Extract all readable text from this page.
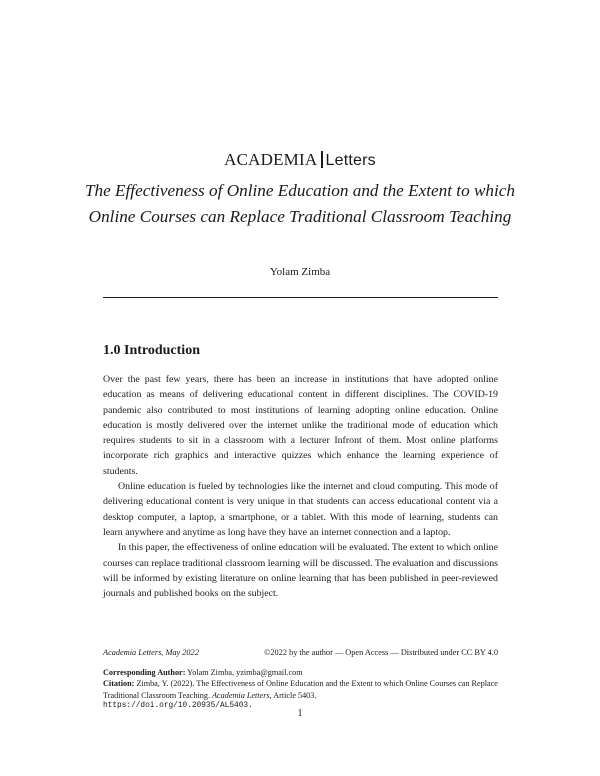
ACADEMIA Letters
The Effectiveness of Online Education and the Extent to which Online Courses can Replace Traditional Classroom Teaching
Yolam Zimba
1.0 Introduction

Over the past few years, there has been an increase in institutions that have adopted online education as means of delivering educational content in different disciplines. The COVID-19 pandemic also contributed to most institutions of learning adopting online education. Online education is mostly delivered over the internet unlike the traditional mode of education which requires students to sit in a classroom with a lecturer Infront of them. Most online platforms incorporate rich graphics and interactive quizzes which enhance the learning experience of students.

Online education is fueled by technologies like the internet and cloud computing. This mode of delivering educational content is very unique in that students can access educational content via a desktop computer, a laptop, a smartphone, or a tablet. With this mode of learning, students can learn anywhere and anytime as long have they have an internet connection and a laptop.

In this paper, the effectiveness of online education will be evaluated. The extent to which online courses can replace traditional classroom learning will be discussed. The evaluation and discussions will be informed by existing literature on online learning that has been published in peer-reviewed journals and published books on the subject.

Academia Letters, May 2022	©2022 by the author — Open Access — Distributed under CC BY 4.0
Corresponding Author: Yolam Zimba, yzimba@gmail.com
Citation: Zimba, Y. (2022). The Effectiveness of Online Education and the Extent to which Online Courses can Replace Traditional Classroom Teaching. Academia Letters, Article 5403.
https://doi.org/10.20935/AL5403.
1
